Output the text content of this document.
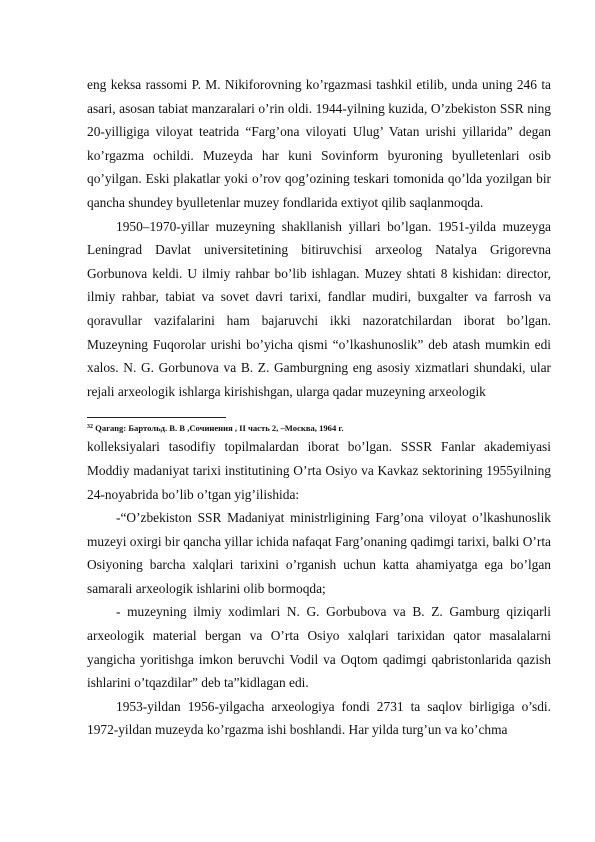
eng keksa rassomi P. M. Nikiforovning ko’rgazmasi tashkil etilib, unda uning 246 ta asari, asosan tabiat manzaralari o’rin oldi. 1944-yilning kuzida, O’zbekiston SSR ning 20-yilligiga viloyat teatrida “Farg’ona viloyati Ulug’ Vatan urishi yillarida” degan ko’rgazma ochildi. Muzeyda har kuni Sovinform byuroning byulletenlari osib qo’yilgan. Eski plakatlar yoki o’rov qog’ozining teskari tomonida qo’lda yozilgan bir qancha shundey byulletenlar muzey fondlarida extiyot qilib saqlanmoqda.

1950–1970-yillar muzeyning shakllanish yillari bo’lgan. 1951-yilda muzeyga Leningrad Davlat universitetining bitiruvchisi arxeolog Natalya Grigorevna Gorbunova keldi. U ilmiy rahbar bo’lib ishlagan. Muzey shtati 8 kishidan: director, ilmiy rahbar, tabiat va sovet davri tarixi, fandlar mudiri, buxgalter va farrosh va qoravullar vazifalarini ham bajaruvchi ikki nazoratchilardan iborat bo’lgan. Muzeyning Fuqorolar urishi bo’yicha qismi “o’lkashunoslik” deb atash mumkin edi xalos. N. G. Gorbunova va B. Z. Gamburgning eng asosiy xizmatlari shundaki, ular rejali arxeologik ishlarga kirishishgan, ularga qadar muzeyning arxeologik

$^{32}$ Qarang: Бартольд. В. В ,Сочинения , II часть 2, –Москва, 1964 г.

kolleksiyalari tasodifiy topilmalardan iborat bo’lgan. SSSR Fanlar akademiyasi Moddiy madaniyat tarixi institutining O’rta Osiyo va Kavkaz sektorining 1955yilning 24-noyabrida bo’lib o’tgan yig’ilishida:

-“O’zbekiston SSR Madaniyat ministrligining Farg’ona viloyat o’lkashunoslik muzeyi oxirgi bir qancha yillar ichida nafaqat Farg’onaning qadimgi tarixi, balki O’rta Osiyoning barcha xalqlari tarixini o’rganish uchun katta ahamiyatga ega bo’lgan samarali arxeologik ishlarini olib bormoqda;

- muzeyning ilmiy xodimlari N. G. Gorbubova va B. Z. Gamburg qiziqarli arxeologik material bergan va O’rta Osiyo xalqlari tarixidan qator masalalarni yangicha yoritishga imkon beruvchi Vodil va Oqtom qadimgi qabristonlarida qazish ishlarini o’tqazdilar” deb ta”kidlagan edi.

1953-yildan 1956-yilgacha arxeologiya fondi 2731 ta saqlov birligiga o’sdi. 1972-yildan muzeyda ko’rgazma ishi boshlandi. Har yilda turg’un va ko’chma
